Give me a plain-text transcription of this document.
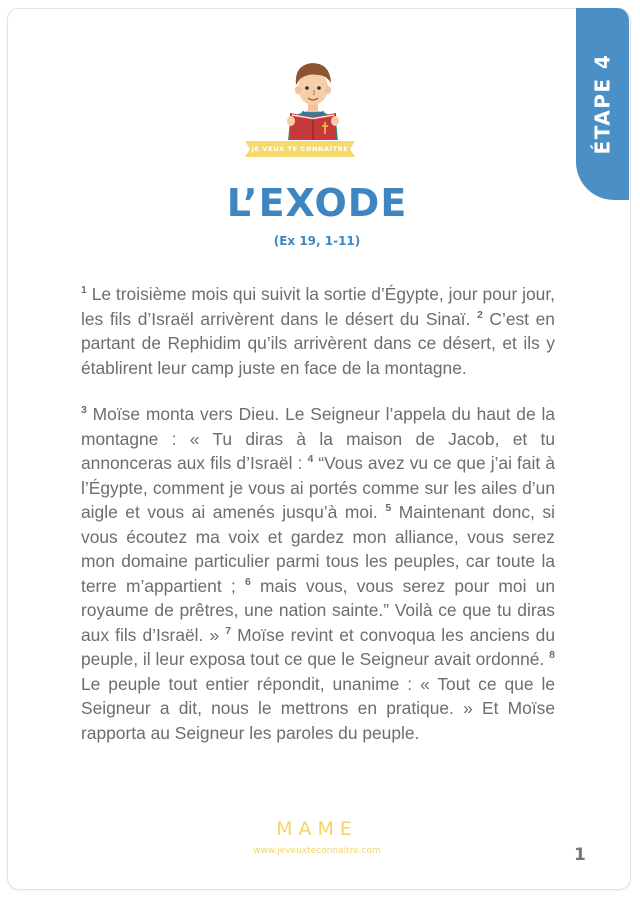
ÉTAPE 4
JE VEUX TE CONNAÎTRE
L’EXODE
(Ex 19, 1-11)

$^1$ Le troisième mois qui suivit la sortie d’Égypte, jour pour jour, les fils d’Israël arrivèrent dans le désert du Sinaï. $^2$ C’est en partant de Rephidim qu’ils arrivèrent dans ce désert, et ils y établirent leur camp juste en face de la montagne.

$^3$ Moïse monta vers Dieu. Le Seigneur l’appela du haut de la montagne : « Tu diras à la maison de Jacob, et tu annonceras aux fils d’Israël : $^4$ “Vous avez vu ce que j’ai fait à l’Égypte, comment je vous ai portés comme sur les ailes d’un aigle et vous ai amenés jusqu’à moi. $^5$ Maintenant donc, si vous écoutez ma voix et gardez mon alliance, vous serez mon domaine particulier parmi tous les peuples, car toute la terre m’appartient ; $^6$ mais vous, vous serez pour moi un royaume de prêtres, une nation sainte.” Voilà ce que tu diras aux fils d’Israël. » $^7$ Moïse revint et convoqua les anciens du peuple, il leur exposa tout ce que le Seigneur avait ordonné. $^8$ Le peuple tout entier répondit, unanime : « Tout ce que le Seigneur a dit, nous le mettrons en pratique. » Et Moïse rapporta au Seigneur les paroles du peuple.

MAME
www.jeveuxteconnaitre.com	1
